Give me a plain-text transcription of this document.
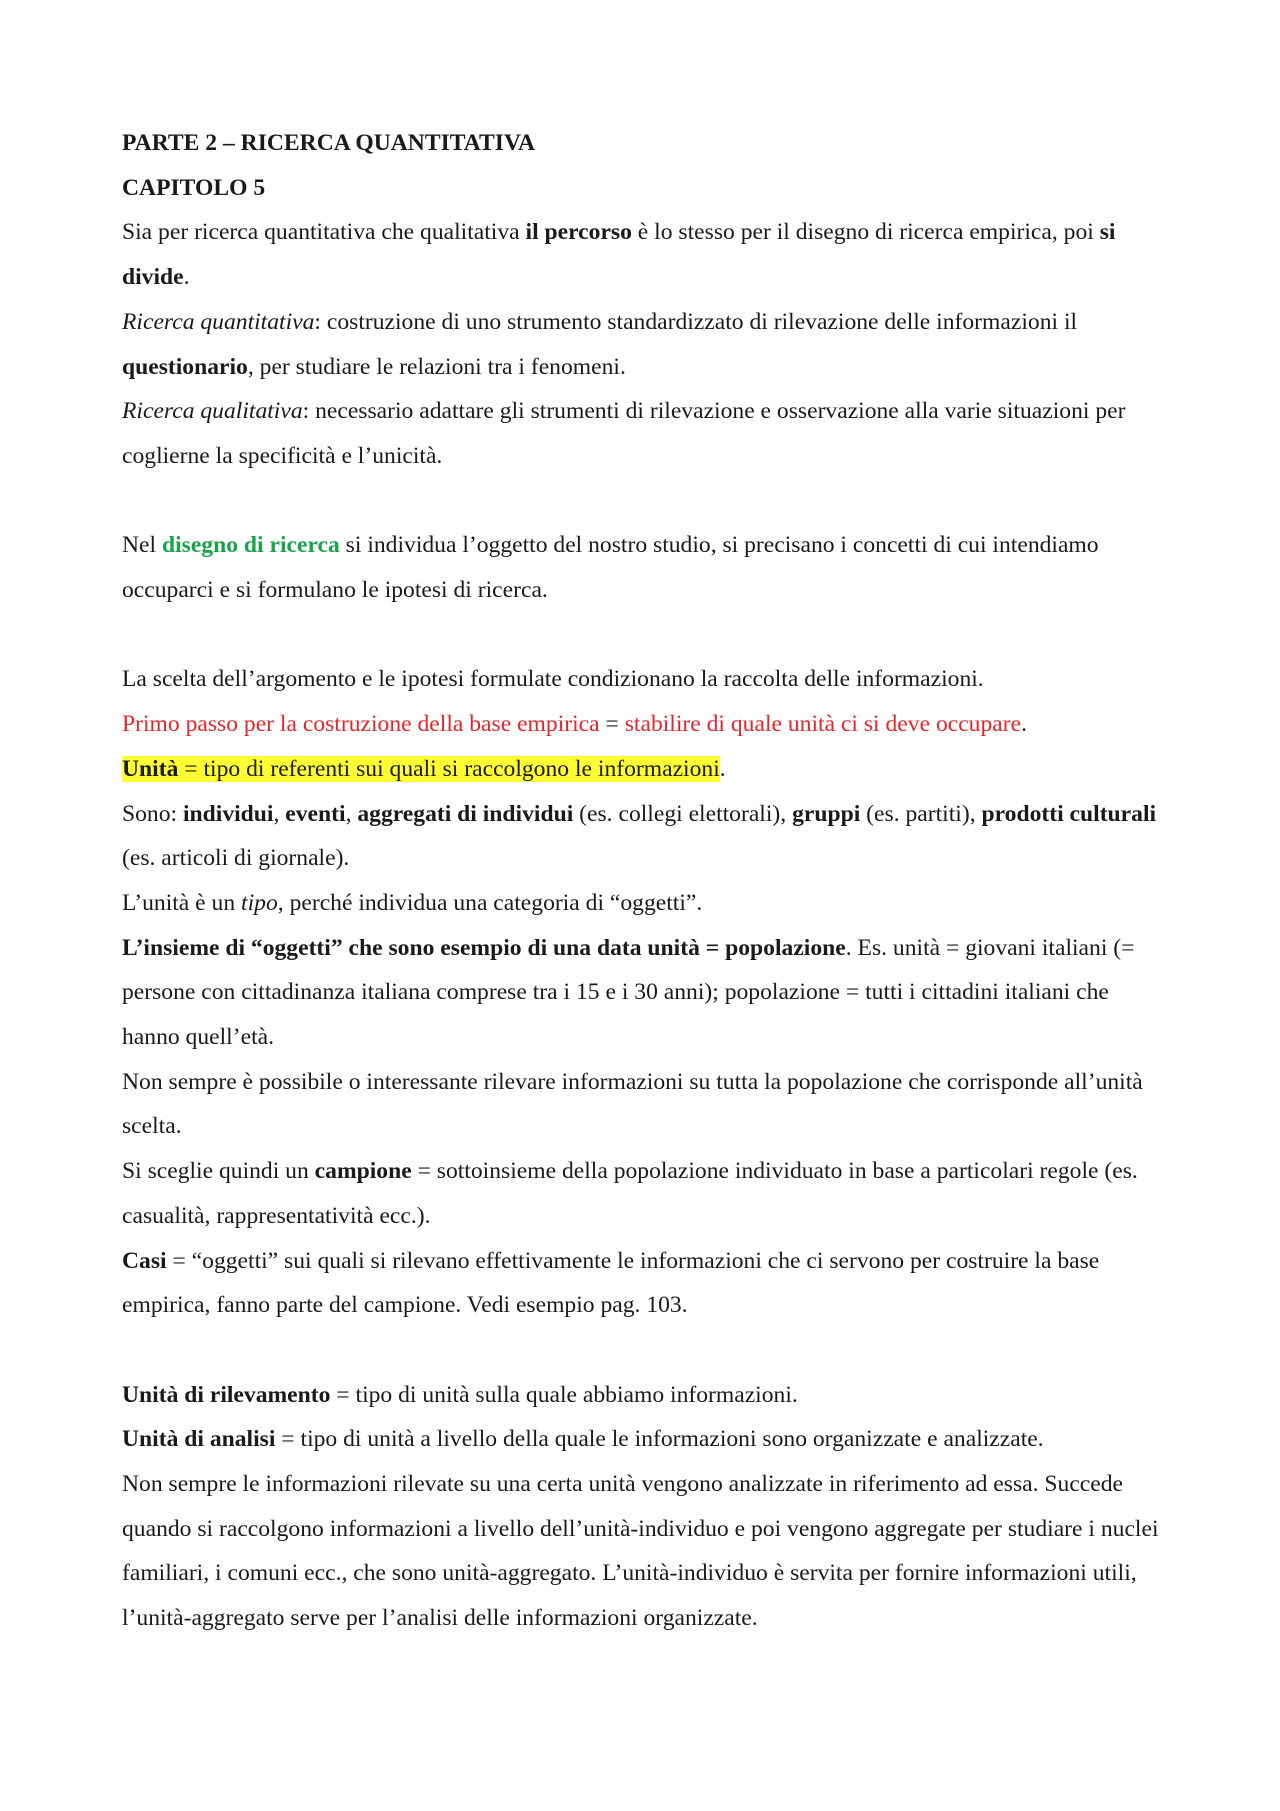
PARTE 2 – RICERCA QUANTITATIVA

CAPITOLO 5

Sia per ricerca quantitativa che qualitativa il percorso è lo stesso per il disegno di ricerca empirica, poi si divide.

Ricerca quantitativa: costruzione di uno strumento standardizzato di rilevazione delle informazioni il questionario, per studiare le relazioni tra i fenomeni.

Ricerca qualitativa: necessario adattare gli strumenti di rilevazione e osservazione alla varie situazioni per coglierne la specificità e l’unicità.

Nel disegno di ricerca si individua l’oggetto del nostro studio, si precisano i concetti di cui intendiamo occuparci e si formulano le ipotesi di ricerca.

La scelta dell’argomento e le ipotesi formulate condizionano la raccolta delle informazioni.

Primo passo per la costruzione della base empirica = stabilire di quale unità ci si deve occupare.

Unità = tipo di referenti sui quali si raccolgono le informazioni.

Sono: individui, eventi, aggregati di individui (es. collegi elettorali), gruppi (es. partiti), prodotti culturali (es. articoli di giornale).

L’unità è un tipo, perché individua una categoria di “oggetti”.

L’insieme di “oggetti” che sono esempio di una data unità = popolazione. Es. unità = giovani italiani (= persone con cittadinanza italiana comprese tra i 15 e i 30 anni); popolazione = tutti i cittadini italiani che hanno quell’età.

Non sempre è possibile o interessante rilevare informazioni su tutta la popolazione che corrisponde all’unità scelta.

Si sceglie quindi un campione = sottoinsieme della popolazione individuato in base a particolari regole (es. casualità, rappresentatività ecc.).

Casi = “oggetti” sui quali si rilevano effettivamente le informazioni che ci servono per costruire la base empirica, fanno parte del campione. Vedi esempio pag. 103.

Unità di rilevamento = tipo di unità sulla quale abbiamo informazioni.

Unità di analisi = tipo di unità a livello della quale le informazioni sono organizzate e analizzate.

Non sempre le informazioni rilevate su una certa unità vengono analizzate in riferimento ad essa. Succede quando si raccolgono informazioni a livello dell’unità-individuo e poi vengono aggregate per studiare i nuclei familiari, i comuni ecc., che sono unità-aggregato. L’unità-individuo è servita per fornire informazioni utili, l’unità-aggregato serve per l’analisi delle informazioni organizzate.
